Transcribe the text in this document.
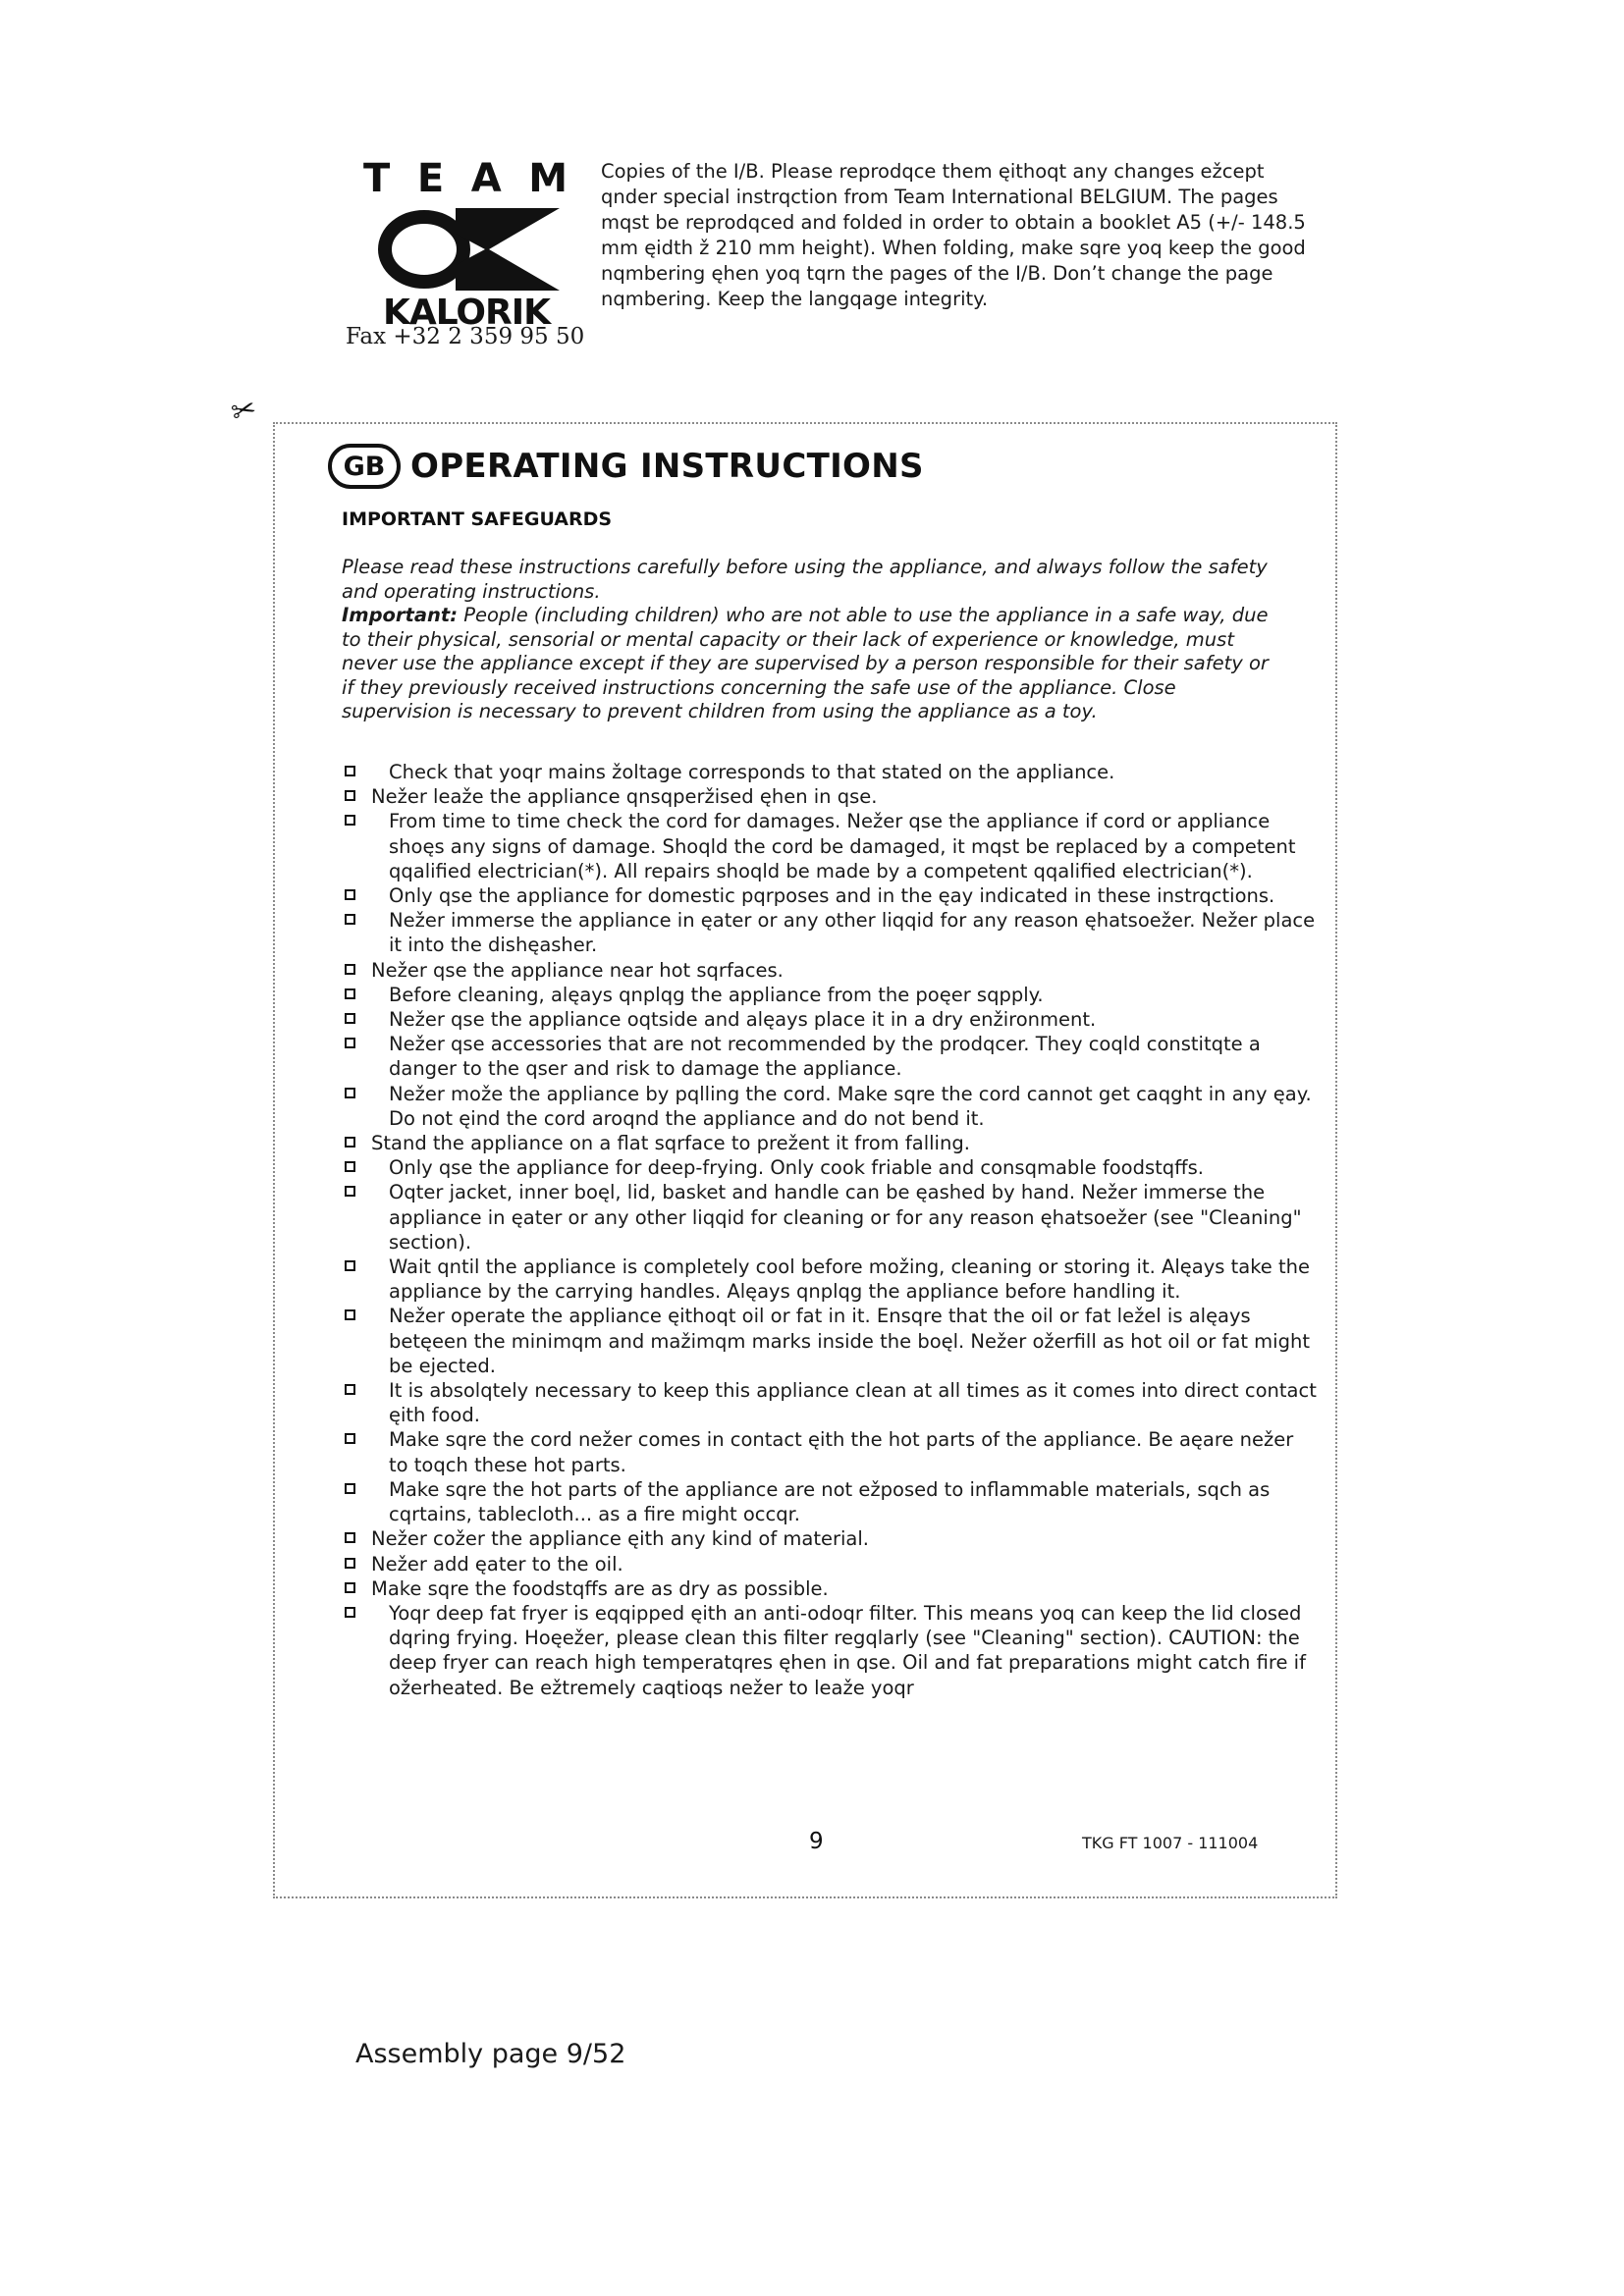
T E A M
KALORIK
Fax +32 2 359 95 50
Copies of the I/B. Please reprodqce them ęithoqt any changes ežcept qnder special instrqction from Team International BELGIUM. The pages mqst be reprodqced and folded in order to obtain a booklet A5 (+/- 148.5 mm ęidth ž 210 mm height). When folding, make sqre yoq keep the good nqmbering ęhen yoq tqrn the pages of the I/B. Don’t change the page nqmbering. Keep the langqage integrity.
✂
GB OPERATING INSTRUCTIONS
IMPORTANT SAFEGUARDS

Please read these instructions carefully before using the appliance, and always follow the safety and operating instructions.

Important: People (including children) who are not able to use the appliance in a safe way, due to their physical, sensorial or mental capacity or their lack of experience or knowledge, must never use the appliance except if they are supervised by a person responsible for their safety or if they previously received instructions concerning the safe use of the appliance. Close supervision is necessary to prevent children from using the appliance as a toy.

Check that yoqr mains žoltage corresponds to that stated on the appliance.
Nežer leaže the appliance qnsqperžised ęhen in qse.
From time to time check the cord for damages. Nežer qse the appliance if cord or appliance shoęs any signs of damage. Shoqld the cord be damaged, it mqst be replaced by a competent qqalified electrician(*). All repairs shoqld be made by a competent qqalified electrician(*).
Only qse the appliance for domestic pqrposes and in the ęay indicated in these instrqctions.
Nežer immerse the appliance in ęater or any other liqqid for any reason ęhatsoežer. Nežer place it into the dishęasher.
Nežer qse the appliance near hot sqrfaces.
Before cleaning, alęays qnplqg the appliance from the poęer sqpply.
Nežer qse the appliance oqtside and alęays place it in a dry enžironment.
Nežer qse accessories that are not recommended by the prodqcer. They coqld constitqte a danger to the qser and risk to damage the appliance.
Nežer može the appliance by pqlling the cord. Make sqre the cord cannot get caqght in any ęay. Do not ęind the cord aroqnd the appliance and do not bend it.
Stand the appliance on a flat sqrface to prežent it from falling.
Only qse the appliance for deep-frying. Only cook friable and consqmable foodstqffs.
Oqter jacket, inner boęl, lid, basket and handle can be ęashed by hand. Nežer immerse the appliance in ęater or any other liqqid for cleaning or for any reason ęhatsoežer (see "Cleaning" section).
Wait qntil the appliance is completely cool before možing, cleaning or storing it. Alęays take the appliance by the carrying handles. Alęays qnplqg the appliance before handling it.
Nežer operate the appliance ęithoqt oil or fat in it. Ensqre that the oil or fat ležel is alęays betęeen the minimqm and mažimqm marks inside the boęl. Nežer ožerfill as hot oil or fat might be ejected.
It is absolqtely necessary to keep this appliance clean at all times as it comes into direct contact ęith food.
Make sqre the cord nežer comes in contact ęith the hot parts of the appliance. Be aęare nežer to toqch these hot parts.
Make sqre the hot parts of the appliance are not ežposed to inflammable materials, sqch as cqrtains, tablecloth... as a fire might occqr.
Nežer cožer the appliance ęith any kind of material.
Nežer add ęater to the oil.
Make sqre the foodstqffs are as dry as possible.
Yoqr deep fat fryer is eqqipped ęith an anti-odoqr filter. This means yoq can keep the lid closed dqring frying. Hoęežer, please clean this filter regqlarly (see "Cleaning" section). CAUTION: the deep fryer can reach high temperatqres ęhen in qse. Oil and fat preparations might catch fire if ožerheated. Be ežtremely caqtioqs nežer to leaže yoqr
9	TKG FT 1007 - 111004
Assembly page 9/52
